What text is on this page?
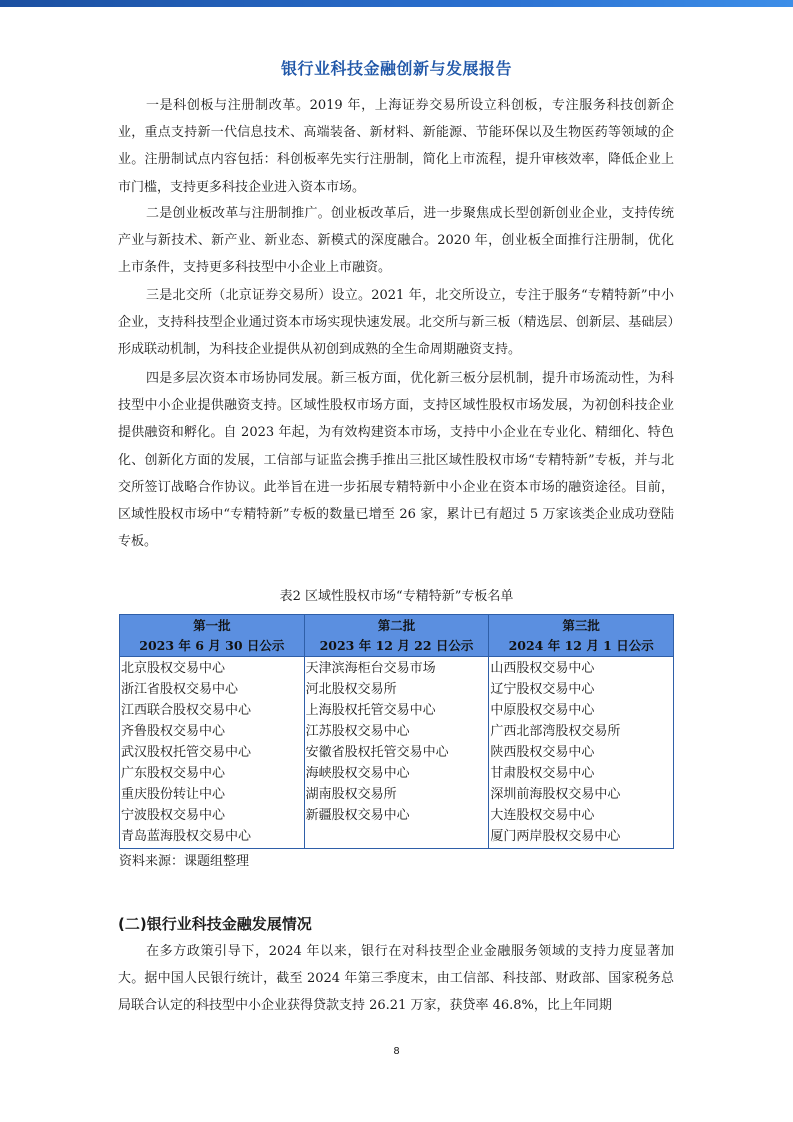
银行业科技金融创新与发展报告

一是科创板与注册制改革。2019 年，上海证券交易所设立科创板，专注服务科技创新企业，重点支持新一代信息技术、高端装备、新材料、新能源、节能环保以及生物医药等领域的企业。注册制试点内容包括：科创板率先实行注册制，简化上市流程，提升审核效率，降低企业上市门槛，支持更多科技企业进入资本市场。

二是创业板改革与注册制推广。创业板改革后，进一步聚焦成长型创新创业企业，支持传统产业与新技术、新产业、新业态、新模式的深度融合。2020 年，创业板全面推行注册制，优化上市条件，支持更多科技型中小企业上市融资。

三是北交所（北京证券交易所）设立。2021 年，北交所设立，专注于服务“专精特新”中小企业，支持科技型企业通过资本市场实现快速发展。北交所与新三板（精选层、创新层、基础层）形成联动机制，为科技企业提供从初创到成熟的全生命周期融资支持。

四是多层次资本市场协同发展。新三板方面，优化新三板分层机制，提升市场流动性，为科技型中小企业提供融资支持。区域性股权市场方面，支持区域性股权市场发展，为初创科技企业提供融资和孵化。自 2023 年起，为有效构建资本市场，支持中小企业在专业化、精细化、特色化、创新化方面的发展，工信部与证监会携手推出三批区域性股权市场“专精特新”专板，并与北交所签订战略合作协议。此举旨在进一步拓展专精特新中小企业在资本市场的融资途径。目前，区域性股权市场中“专精特新”专板的数量已增至 26 家，累计已有超过 5 万家该类企业成功登陆专板。

表2 区域性股权市场“专精特新”专板名单
第一批
2023 年 6 月 30 日公示
北京股权交易中心
浙江省股权交易中心
江西联合股权交易中心
齐鲁股权交易中心
武汉股权托管交易中心
广东股权交易中心
重庆股份转让中心
宁波股权交易中心
青岛蓝海股权交易中心
第二批
2023 年 12 月 22 日公示
天津滨海柜台交易市场
河北股权交易所
上海股权托管交易中心
江苏股权交易中心
安徽省股权托管交易中心
海峡股权交易中心
湖南股权交易所
新疆股权交易中心
第三批
2024 年 12 月 1 日公示
山西股权交易中心
辽宁股权交易中心
中原股权交易中心
广西北部湾股权交易所
陕西股权交易中心
甘肃股权交易中心
深圳前海股权交易中心
大连股权交易中心
厦门两岸股权交易中心
资料来源：课题组整理
(二)银行业科技金融发展情况

在多方政策引导下，2024 年以来，银行在对科技型企业金融服务领域的支持力度显著加大。据中国人民银行统计，截至 2024 年第三季度末，由工信部、科技部、财政部、国家税务总局联合认定的科技型中小企业获得贷款支持 26.21 万家，获贷率 46.8%，比上年同期

8
